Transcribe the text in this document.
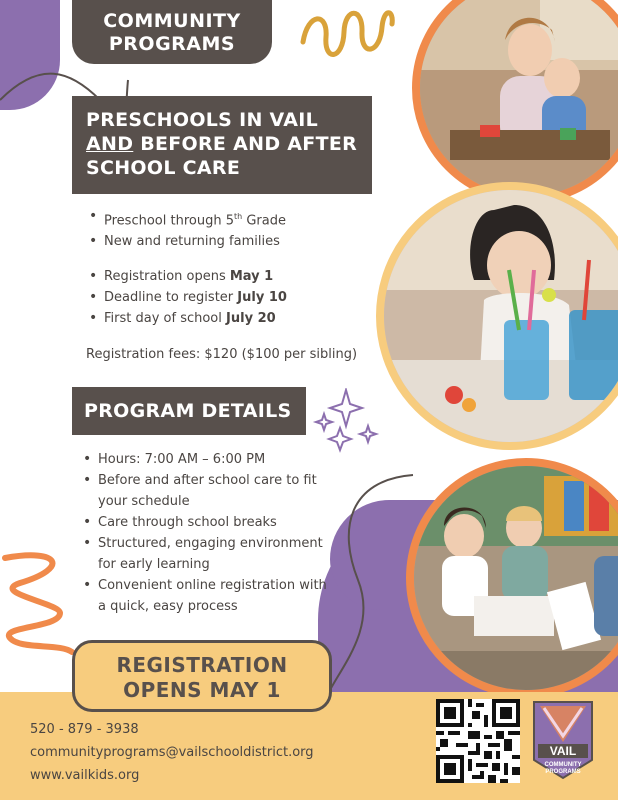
COMMUNITY
PROGRAMS
PRESCHOOLS IN VAIL
AND BEFORE AND AFTER
SCHOOL CARE
• Preschool through 5th Grade
• New and returning families
• Registration opens May 1
• Deadline to register July 10
• First day of school July 20
Registration fees: $120 ($100 per sibling)
PROGRAM DETAILS
• Hours: 7:00 AM – 6:00 PM
• Before and after school care to fit your schedule
• Care through school breaks
• Structured, engaging environment for early learning
• Convenient online registration with a quick, easy process
REGISTRATION
OPENS MAY 1
520 - 879 - 3938
communityprograms@vailschooldistrict.org
www.vailkids.org
VAIL
COMMUNITY
PROGRAMS
